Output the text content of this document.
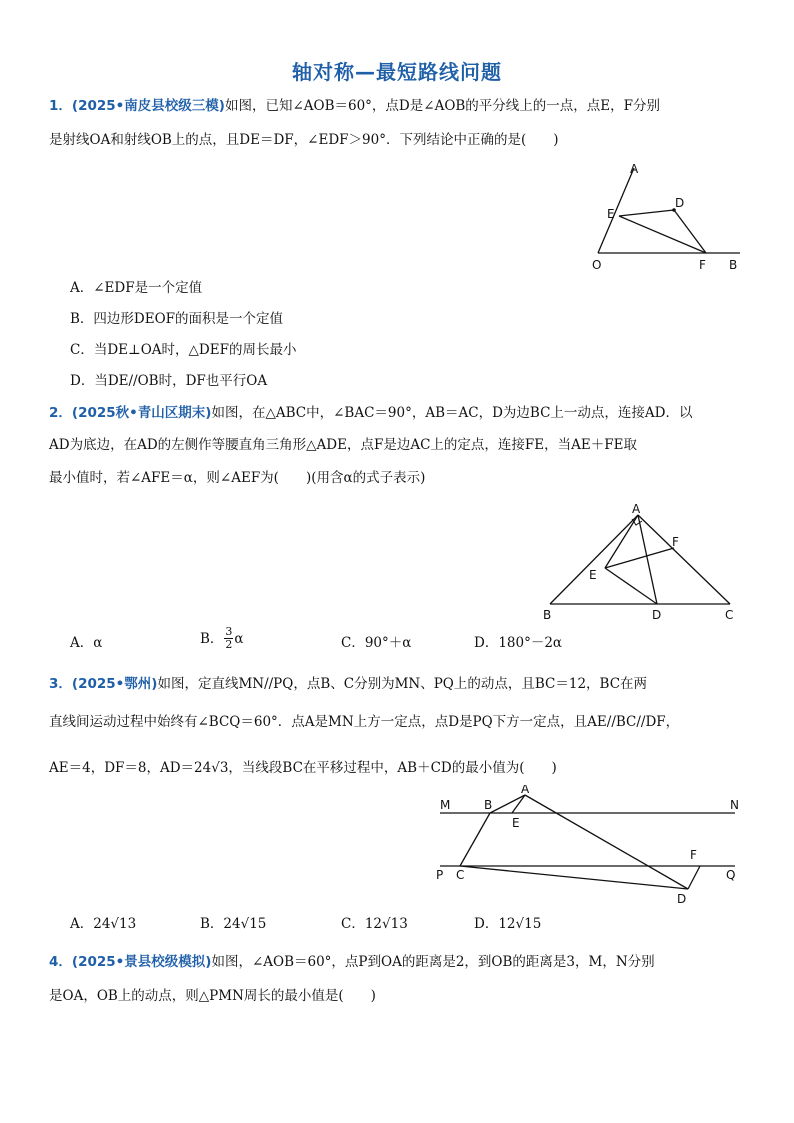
轴对称—最短路线问题
1．(2025•南皮县校级三模)如图，已知∠AOB＝60°，点D是∠AOB的平分线上的一点，点E，F分别
是射线OA和射线OB上的点，且DE＝DF，∠EDF＞90°．下列结论中正确的是(　　)
A
D
E
O	F B
A．∠EDF是一个定值
B．四边形DEOF的面积是一个定值
C．当DE⊥OA时，△DEF的周长最小
D．当DE//OB时，DF也平行OA
2．(2025秋•青山区期末)如图，在△ABC中，∠BAC＝90°，AB＝AC，D为边BC上一动点，连接AD．以
AD为底边，在AD的左侧作等腰直角三角形△ADE，点F是边AC上的定点，连接FE，当AE＋FE取
最小值时，若∠AFE＝α，则∠AEF为(　　)(用含α的式子表示)
A
F
E
B	D	C
A．α	B． $\frac{3}{2}$ α	C．90°＋α	D．180°－2α
3．(2025•鄂州)如图，定直线MN//PQ，点B、C分别为MN、PQ上的动点，且BC＝12，BC在两
直线间运动过程中始终有∠BCQ＝60°．点A是MN上方一定点，点D是PQ下方一定点，且AE//BC//DF，
AE＝4，DF＝8，AD＝24√3，当线段BC在平移过程中，AB＋CD的最小值为(　　)
M	B
A
E
N
F
P C	Q
D
A．24√13	B．24√15	C．12√13	D．12√15
4．(2025•景县校级模拟)如图，∠AOB＝60°，点P到OA的距离是2，到OB的距离是3，M，N分别
是OA，OB上的动点，则△PMN周长的最小值是(　　)
